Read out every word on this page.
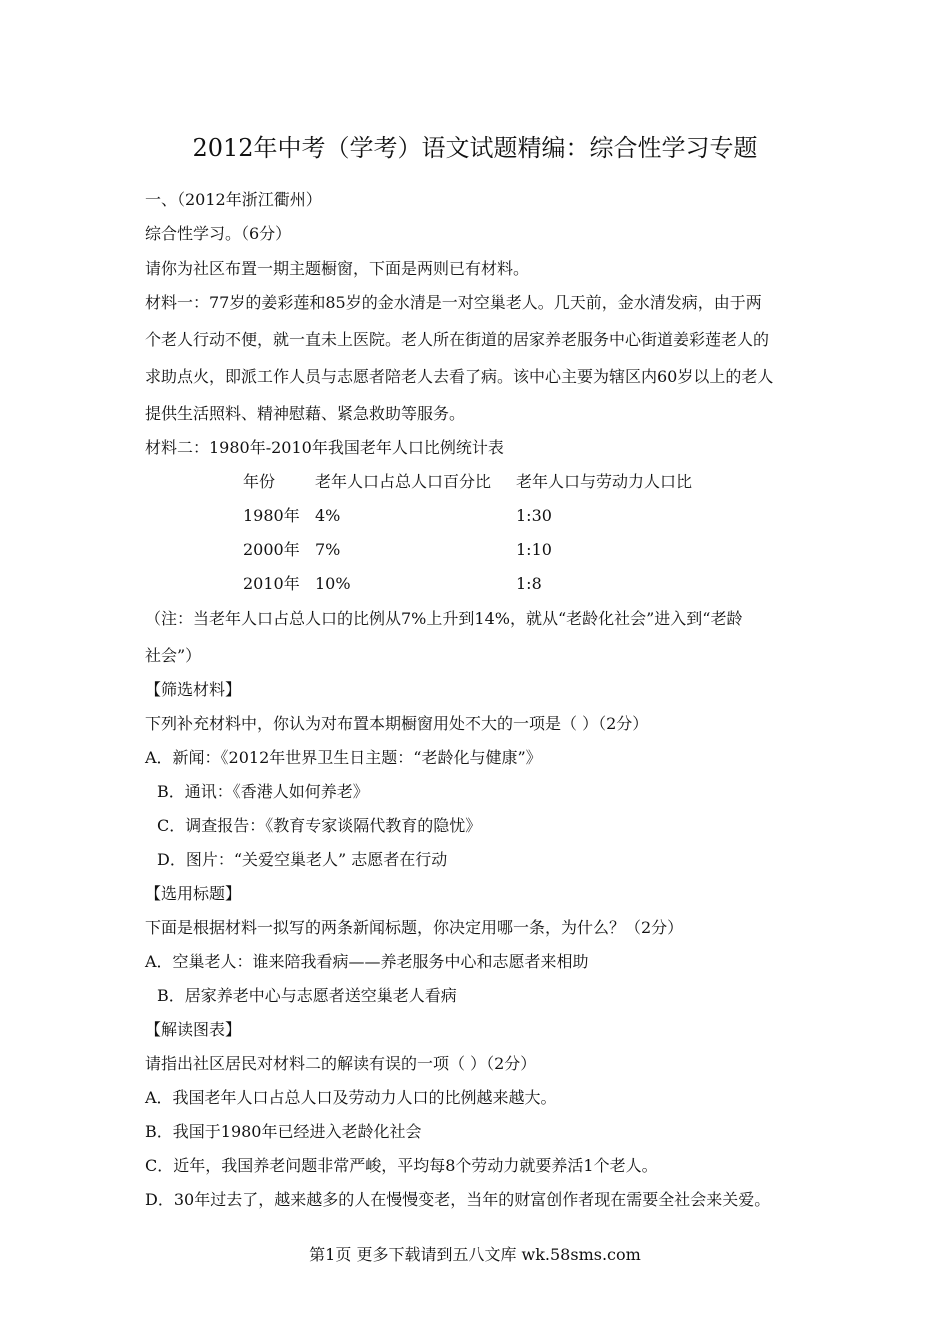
2012年中考（学考）语文试题精编：综合性学习专题
一、（2012年浙江衢州）
综合性学习。（6分）
请你为社区布置一期主题橱窗，下面是两则已有材料。
材料一：77岁的姜彩莲和85岁的金水清是一对空巢老人。几天前，金水清发病，由于两
个老人行动不便，就一直未上医院。老人所在街道的居家养老服务中心街道姜彩莲老人的
求助点火，即派工作人员与志愿者陪老人去看了病。该中心主要为辖区内60岁以上的老人
提供生活照料、精神慰藉、紧急救助等服务。
材料二：1980年-2010年我国老年人口比例统计表
年份 老年人口占总人口百分比 老年人口与劳动力人口比
1980年 4%	1:30
2000年 7%	1:10
2010年 10%	1:8
（注：当老年人口占总人口的比例从7%上升到14%，就从“老龄化社会”进入到“老龄
社会”）
【筛选材料】
下列补充材料中，你认为对布置本期橱窗用处不大的一项是（ ）（2分）
A．新闻：《2012年世界卫生日主题：“老龄化与健康”》
B．通讯：《香港人如何养老》
C．调查报告：《教育专家谈隔代教育的隐忧》
D．图片：“关爱空巢老人” 志愿者在行动
【选用标题】
下面是根据材料一拟写的两条新闻标题，你决定用哪一条，为什么？（2分）
A．空巢老人：谁来陪我看病——养老服务中心和志愿者来相助
B．居家养老中心与志愿者送空巢老人看病
【解读图表】
请指出社区居民对材料二的解读有误的一项（ ）（2分）
A．我国老年人口占总人口及劳动力人口的比例越来越大。
B．我国于1980年已经进入老龄化社会
C．近年，我国养老问题非常严峻，平均每8个劳动力就要养活1个老人。
D．30年过去了，越来越多的人在慢慢变老，当年的财富创作者现在需要全社会来关爱。
第1页 更多下载请到五八文库 wk.58sms.com
